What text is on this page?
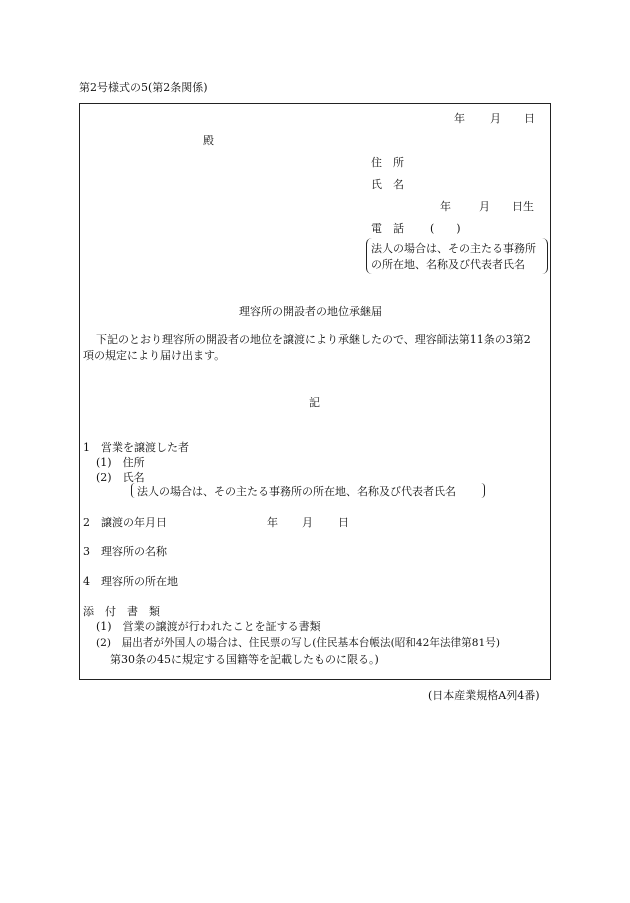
第2号様式の5(第2条関係)
年 月 日
殿
住　所
氏　名
年	月 日生
電　話 (　　)
法人の場合は、その主たる事務所
の所在地、名称及び代表者氏名
理容所の開設者の地位承継届
下記のとおり理容所の開設者の地位を譲渡により承継したので、理容師法第11条の3第2
項の規定により届け出ます。
記
1　営業を譲渡した者
(1)　住所
(2)　氏名
法人の場合は、その主たる事務所の所在地、名称及び代表者氏名
2　譲渡の年月日	年 月 日
3　理容所の名称
4　理容所の所在地
添　付　書　類
(1)　営業の譲渡が行われたことを証する書類
(2)　届出者が外国人の場合は、住民票の写し(住民基本台帳法(昭和42年法律第81号)
第30条の45に規定する国籍等を記載したものに限る。)
(日本産業規格A列4番)
